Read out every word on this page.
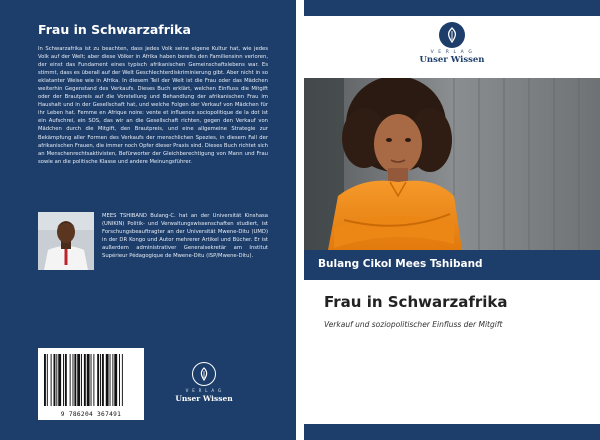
Frau in Schwarzafrika
In Schwarzafrika ist zu beachten, dass jedes Volk seine eigene Kultur hat, wie jedes Volk auf der Welt; aber diese Völker in Afrika haben bereits den Familiensinn verloren, der einst das Fundament eines typisch afrikanischen Gemeinschaftslebens war. Es stimmt, dass es überall auf der Welt Geschlechterdiskriminierung gibt. Aber nicht in so eklatanter Weise wie in Afrika. In diesem Teil der Welt ist die Frau oder das Mädchen weiterhin Gegenstand des Verkaufs. Dieses Buch erklärt, welchen Einfluss die Mitgift oder der Brautpreis auf die Vorstellung und Behandlung der afrikanischen Frau im Haushalt und in der Gesellschaft hat, und welche Folgen der Verkauf von Mädchen für ihr Leben hat. Femme en Afrique noire: vente et influence sociopolitique de la dot ist ein Aufschrei, ein SOS, das wir an die Gesellschaft richten, gegen den Verkauf von Mädchen durch die Mitgift, den Brautpreis, und eine allgemeine Strategie zur Bekämpfung aller Formen des Verkaufs der menschlichen Spezies, in diesem Fall der afrikanischen Frauen, die immer noch Opfer dieser Praxis sind. Dieses Buch richtet sich an Menschenrechtsaktivisten, Befürworter der Gleichberechtigung von Mann und Frau sowie an die politische Klasse und andere Meinungsführer.
MEES TSHIBAND Bulang-C. hat an der Universität Kinshasa (UNIKIN) Politik- und Verwaltungswissenschaften studiert, ist Forschungsbeauftragter an der Universität Mwene-Ditu (UMD) in der DR Kongo und Autor mehrerer Artikel und Bücher. Er ist außerdem administrativer Generalsekretär am Institut Supérieur Pédagogique de Mwene-Ditu (ISP/Mwene-Ditu).
9 786204 367491
V E R L A G
Unser Wissen
V E R L A G
Unser Wissen
Bulang Cikol Mees Tshiband
Frau in Schwarzafrika
Verkauf und soziopolitischer Einfluss der Mitgift
